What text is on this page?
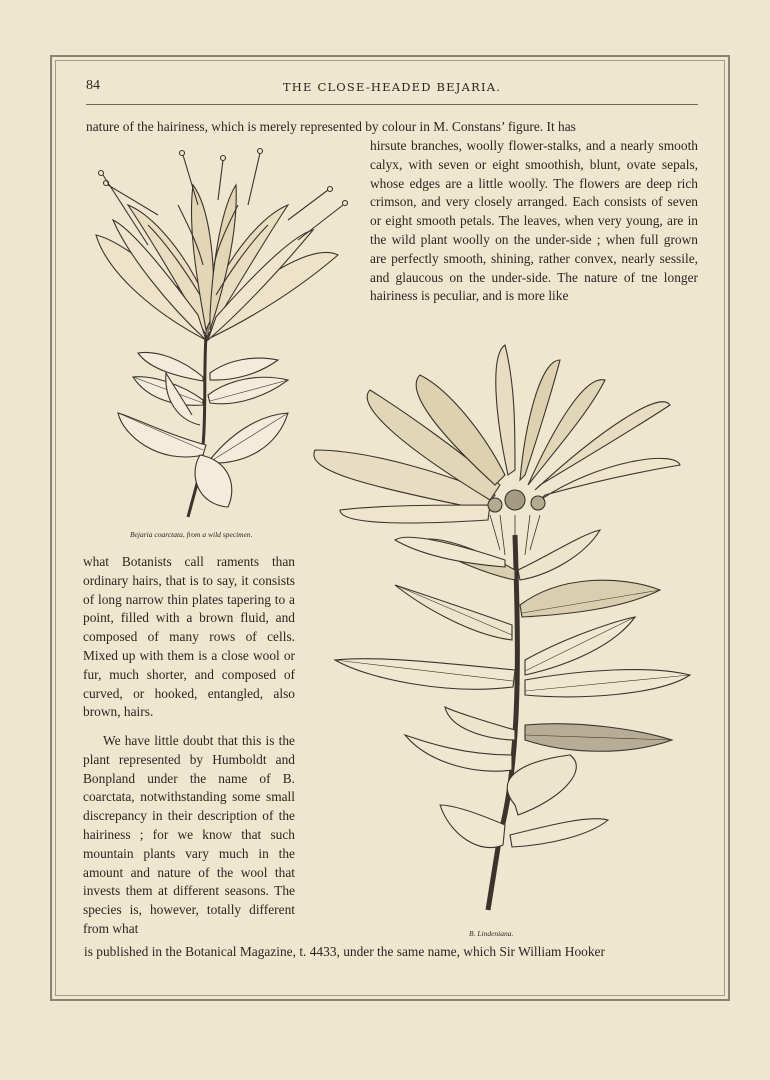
84	THE CLOSE-HEADED BEJARIA.

nature of the hairiness, which is merely represented by colour in M. Constans’ figure. It has

hirsute branches, woolly flower-stalks, and a nearly smooth calyx, with seven or eight smoothish, blunt, ovate sepals, whose edges are a little woolly. The flowers are deep rich crimson, and very closely arranged. Each consists of seven or eight smooth petals. The leaves, when very young, are in the wild plant woolly on the under-side ; when full grown are perfectly smooth, shining, rather convex, nearly sessile, and glaucous on the under-side. The nature of tne longer hairiness is peculiar, and is more like

Bejaria coarctata, from a wild specimen.
B. Lindeniana.

what Botanists call raments than ordinary hairs, that is to say, it consists of long narrow thin plates tapering to a point, filled with a brown fluid, and composed of many rows of cells. Mixed up with them is a close wool or fur, much shorter, and composed of curved, or hooked, entangled, also brown, hairs.

We have little doubt that this is the plant represented by Humboldt and Bonpland under the name of B. coarctata, notwithstanding some small discrepancy in their description of the hairiness ; for we know that such mountain plants vary much in the amount and nature of the wool that invests them at different seasons. The species is, however, totally different from what

is published in the Botanical Magazine, t. 4433, under the same name, which Sir William Hooker
